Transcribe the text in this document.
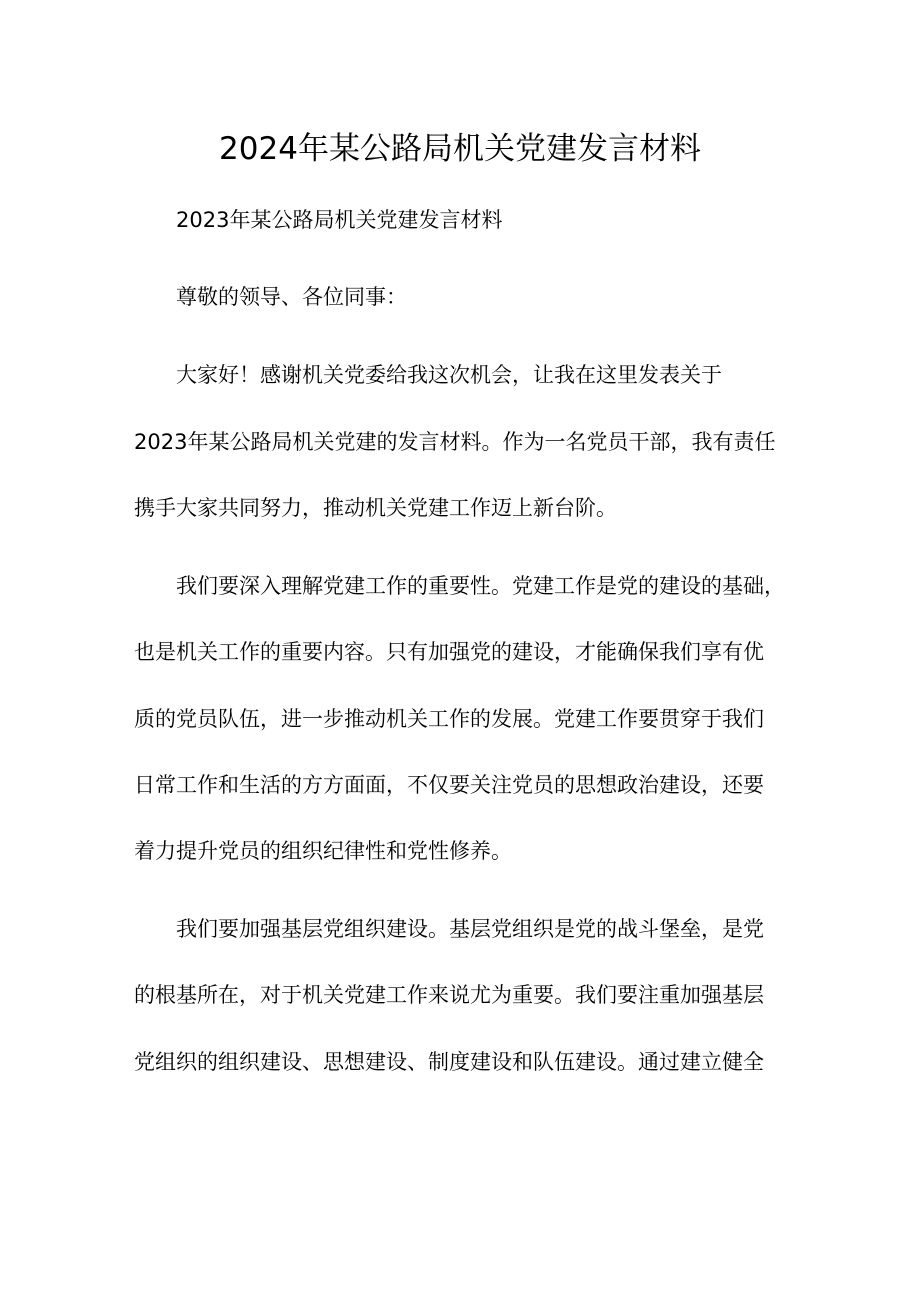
2024年某公路局机关党建发言材料
2023年某公路局机关党建发言材料
尊敬的领导、各位同事：
大家好！感谢机关党委给我这次机会，让我在这里发表关于
2023年某公路局机关党建的发言材料。作为一名党员干部，我有责任
携手大家共同努力，推动机关党建工作迈上新台阶。
我们要深入理解党建工作的重要性。党建工作是党的建设的基础，
也是机关工作的重要内容。只有加强党的建设，才能确保我们享有优
质的党员队伍，进一步推动机关工作的发展。党建工作要贯穿于我们
日常工作和生活的方方面面，不仅要关注党员的思想政治建设，还要
着力提升党员的组织纪律性和党性修养。
我们要加强基层党组织建设。基层党组织是党的战斗堡垒，是党
的根基所在，对于机关党建工作来说尤为重要。我们要注重加强基层
党组织的组织建设、思想建设、制度建设和队伍建设。通过建立健全
